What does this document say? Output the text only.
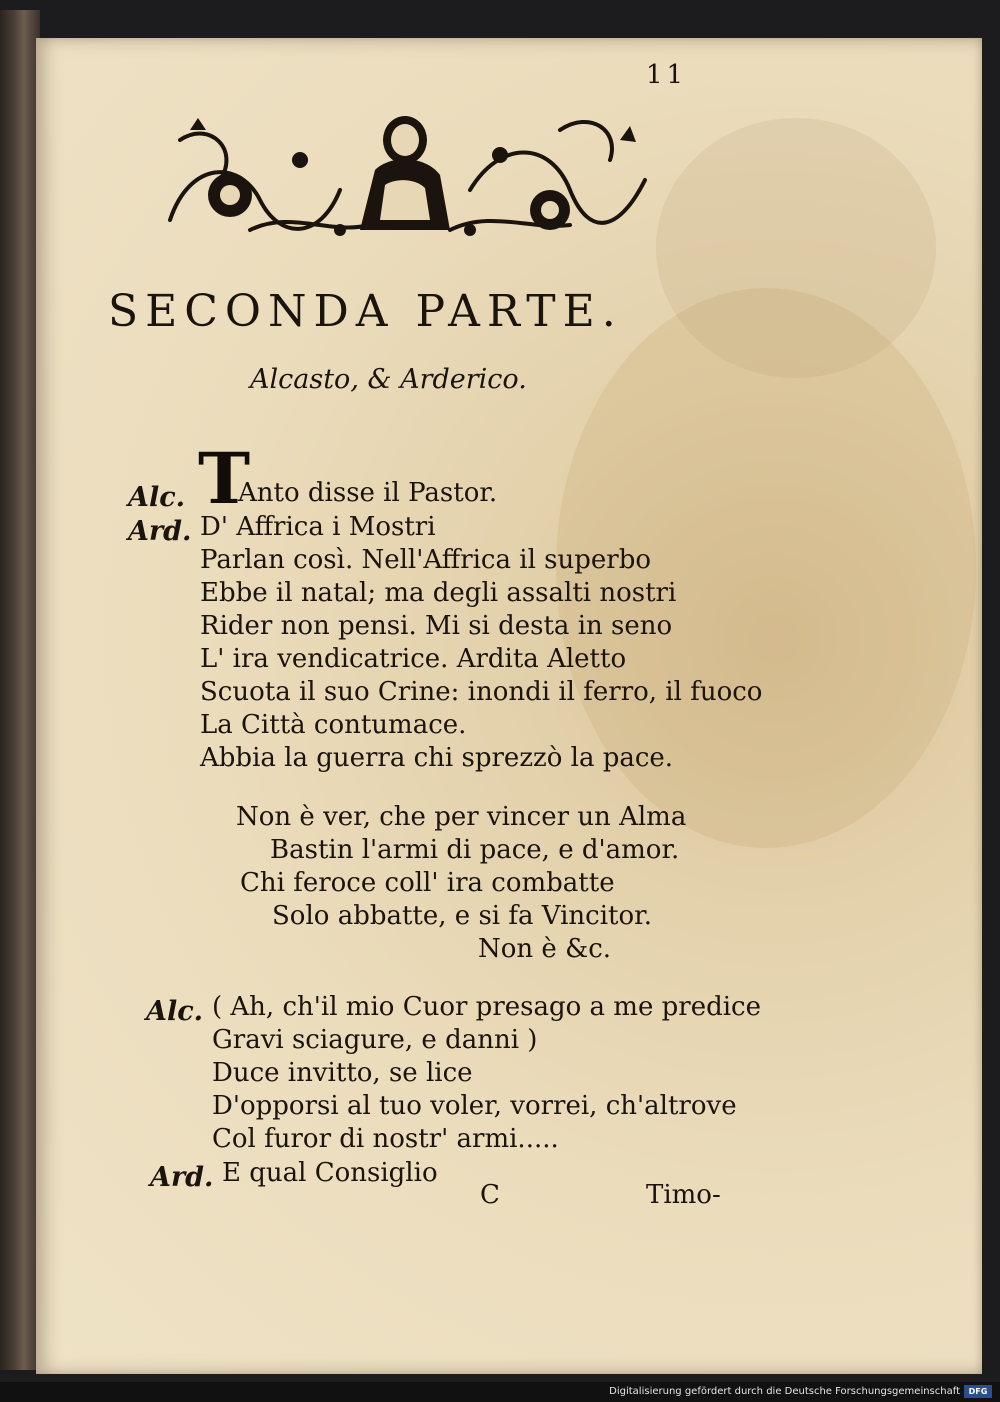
11
SECONDA PARTE.
Alcasto, & Arderico.
T
Alc. Anto disse il Pastor.
Ard. D' Affrica i Mostri
Parlan così. Nell'Affrica il superbo
Ebbe il natal; ma degli assalti nostri
Rider non pensi. Mi si desta in seno
L' ira vendicatrice. Ardita Aletto
Scuota il suo Crine: inondi il ferro, il fuoco
La Città contumace.
Abbia la guerra chi sprezzò la pace.
Non è ver, che per vincer un Alma
Bastin l'armi di pace, e d'amor.
Chi feroce coll' ira combatte
Solo abbatte, e si fa Vincitor.
Non è &c.
Alc. ( Ah, ch'il mio Cuor presago a me predice
Gravi sciagure, e danni )
Duce invitto, se lice
D'opporsi al tuo voler, vorrei, ch'altrove
Col furor di nostr' armi.....
Ard. E qual Consiglio
C	Timo-
Digitalisierung gefördert durch die Deutsche Forschungsgemeinschaft	DFG
